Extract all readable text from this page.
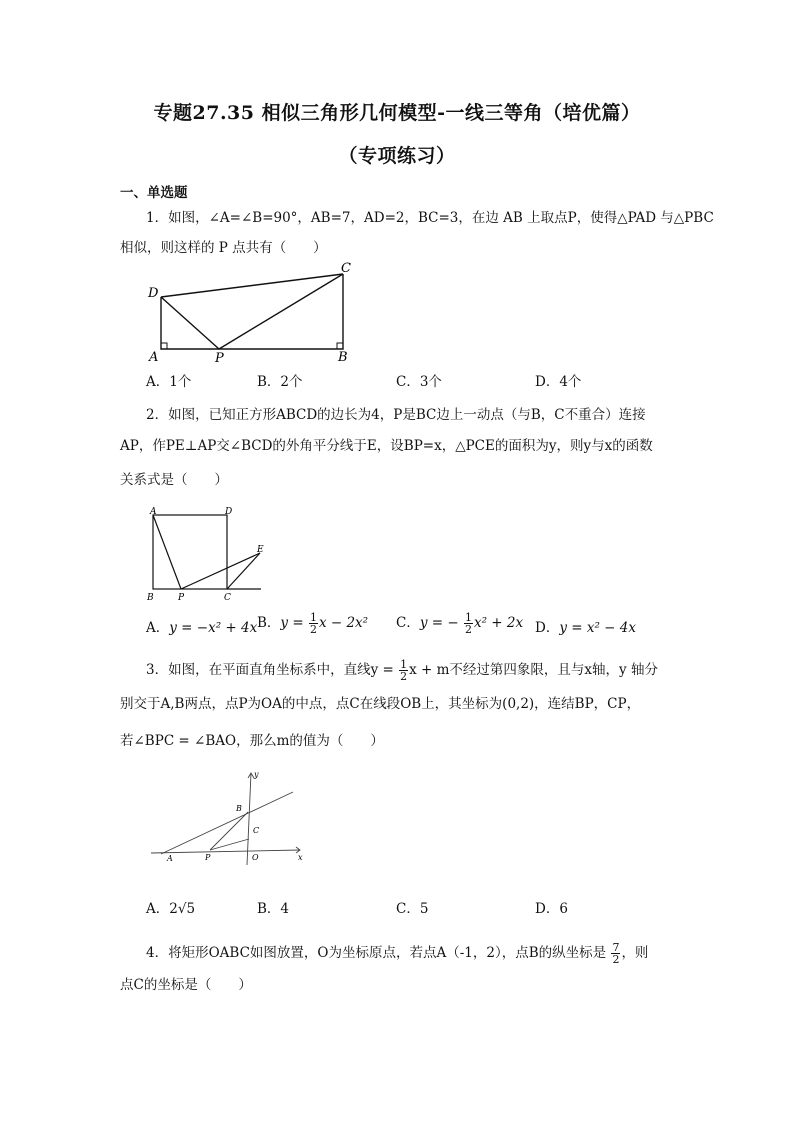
专题27.35 相似三角形几何模型-一线三等角（培优篇）
（专项练习）
一、单选题
1．如图，∠A=∠B=90°，AB=7，AD=2，BC=3，在边 AB 上取点P，使得△PAD 与△PBC
相似，则这样的 P 点共有（　　）
D
C
A	P	B
A．1个	B．2个	C．3个	D．4个
2．如图，已知正方形ABCD的边长为4，P是BC边上一动点（与B，C不重合）连接
AP，作PE⊥AP交∠BCD的外角平分线于E，设BP=x，△PCE的面积为y，则y与x的函数
关系式是（　　）
A	D
E
B	P	C
A．y = −x² + 4x B．$y = \frac{1}{2}$ x − 2x² C．y = − $\frac{1}{2} x^2 + 2x$ D．y = x² − 4x
3．如图，在平面直角坐标系中，直线$y = \frac{1}{2}$ x + m不经过第四象限，且与x轴，y 轴分
别交于A,B两点，点P为OA的中点，点C在线段OB上，其坐标为(0,2)，连结BP，CP，
若∠BPC = ∠BAO，那么m的值为（　　）
y
B
C
A	P	O	x
A．2√5	B．4	C．5	D．6
4．将矩形OABC如图放置，O为坐标原点，若点A（-1，2），点B的纵坐标是 $\frac{7}{2}$ ，则
点C的坐标是（　　）
